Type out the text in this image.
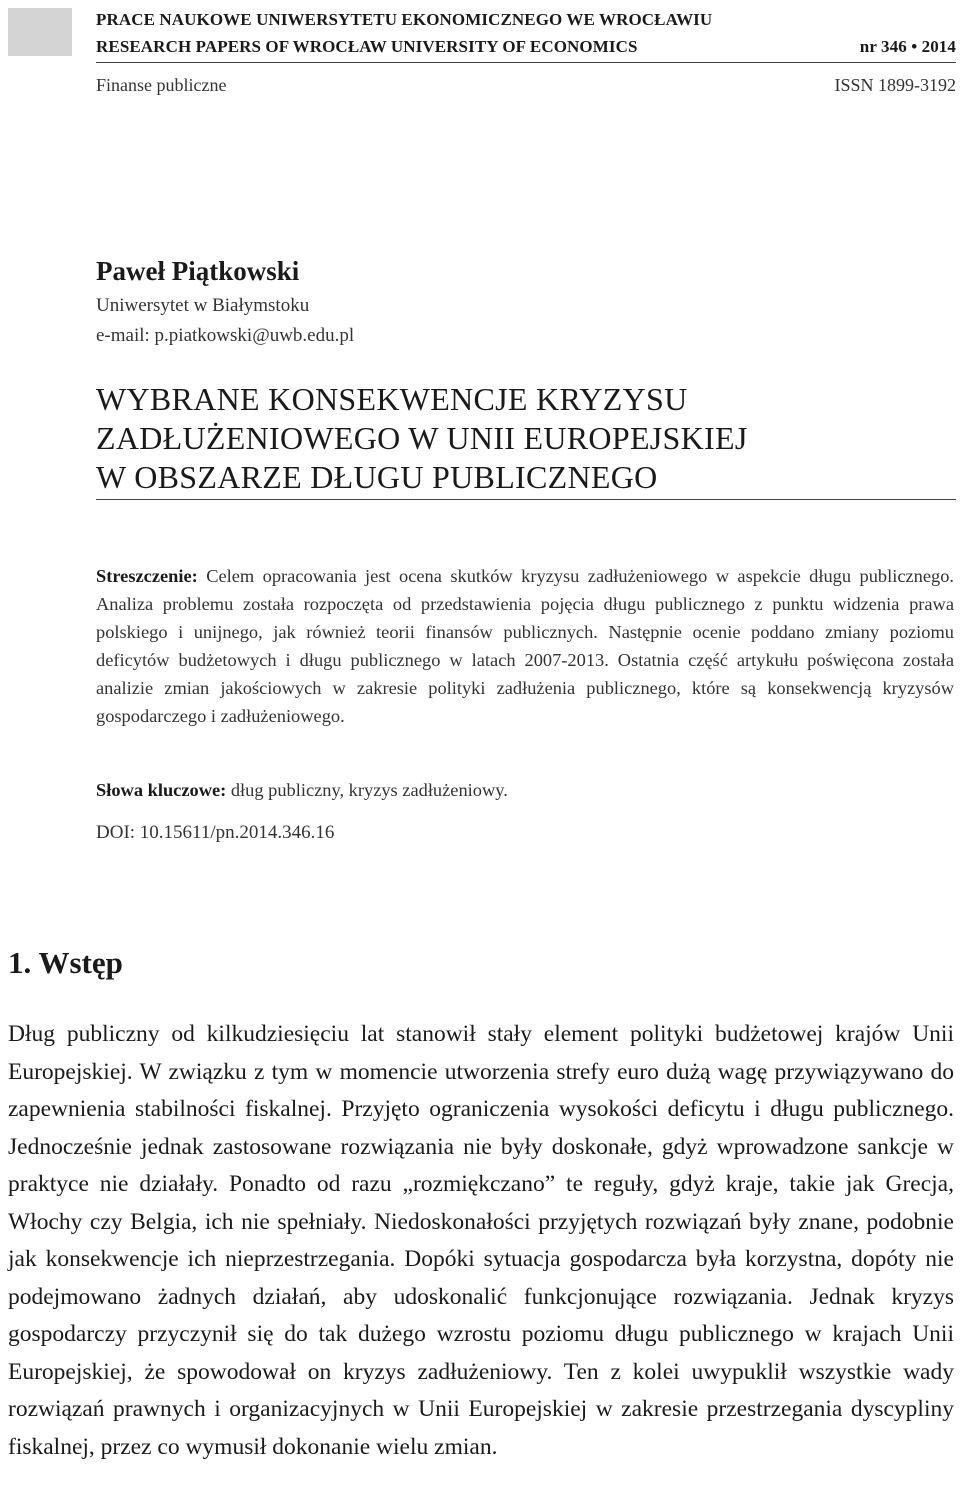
PRACE NAUKOWE UNIWERSYTETU EKONOMICZNEGO WE WROCŁAWIU
RESEARCH PAPERS OF WROCŁAW UNIVERSITY OF ECONOMICS	nr 346 • 2014
Finanse publiczne	ISSN 1899-3192
Paweł Piątkowski
Uniwersytet w Białymstoku
e-mail: p.piatkowski@uwb.edu.pl
WYBRANE KONSEKWENCJE KRYZYSU
ZADŁUŻENIOWEGO W UNII EUROPEJSKIEJ
W OBSZARZE DŁUGU PUBLICZNEGO
Streszczenie: Celem opracowania jest ocena skutków kryzysu zadłużeniowego w aspekcie długu publicznego. Analiza problemu została rozpoczęta od przedstawienia pojęcia długu publicznego z punktu widzenia prawa polskiego i unijnego, jak również teorii finansów publicznych. Następnie ocenie poddano zmiany poziomu deficytów budżetowych i długu publicznego w latach 2007-2013. Ostatnia część artykułu poświęcona została analizie zmian jakościowych w zakresie polityki zadłużenia publicznego, które są konsekwencją kryzysów gospodarczego i zadłużeniowego.
Słowa kluczowe: dług publiczny, kryzys zadłużeniowy.
DOI: 10.15611/pn.2014.346.16
1. Wstęp
Dług publiczny od kilkudziesięciu lat stanowił stały element polityki budżetowej krajów Unii Europejskiej. W związku z tym w momencie utworzenia strefy euro dużą wagę przywiązywano do zapewnienia stabilności fiskalnej. Przyjęto ograniczenia wysokości deficytu i długu publicznego. Jednocześnie jednak zastosowane rozwiązania nie były doskonałe, gdyż wprowadzone sankcje w praktyce nie działały. Ponadto od razu „rozmiękczano” te reguły, gdyż kraje, takie jak Grecja, Włochy czy Belgia, ich nie spełniały. Niedoskonałości przyjętych rozwiązań były znane, podobnie jak konsekwencje ich nieprzestrzegania. Dopóki sytuacja gospodarcza była korzystna, dopóty nie podejmowano żadnych działań, aby udoskonalić funkcjonujące rozwiązania. Jednak kryzys gospodarczy przyczynił się do tak dużego wzrostu poziomu długu publicznego w krajach Unii Europejskiej, że spowodował on kryzys zadłużeniowy. Ten z kolei uwypuklił wszystkie wady rozwiązań prawnych i organizacyjnych w Unii Europejskiej w zakresie przestrzegania dyscypliny fiskalnej, przez co wymusił dokonanie wielu zmian.
